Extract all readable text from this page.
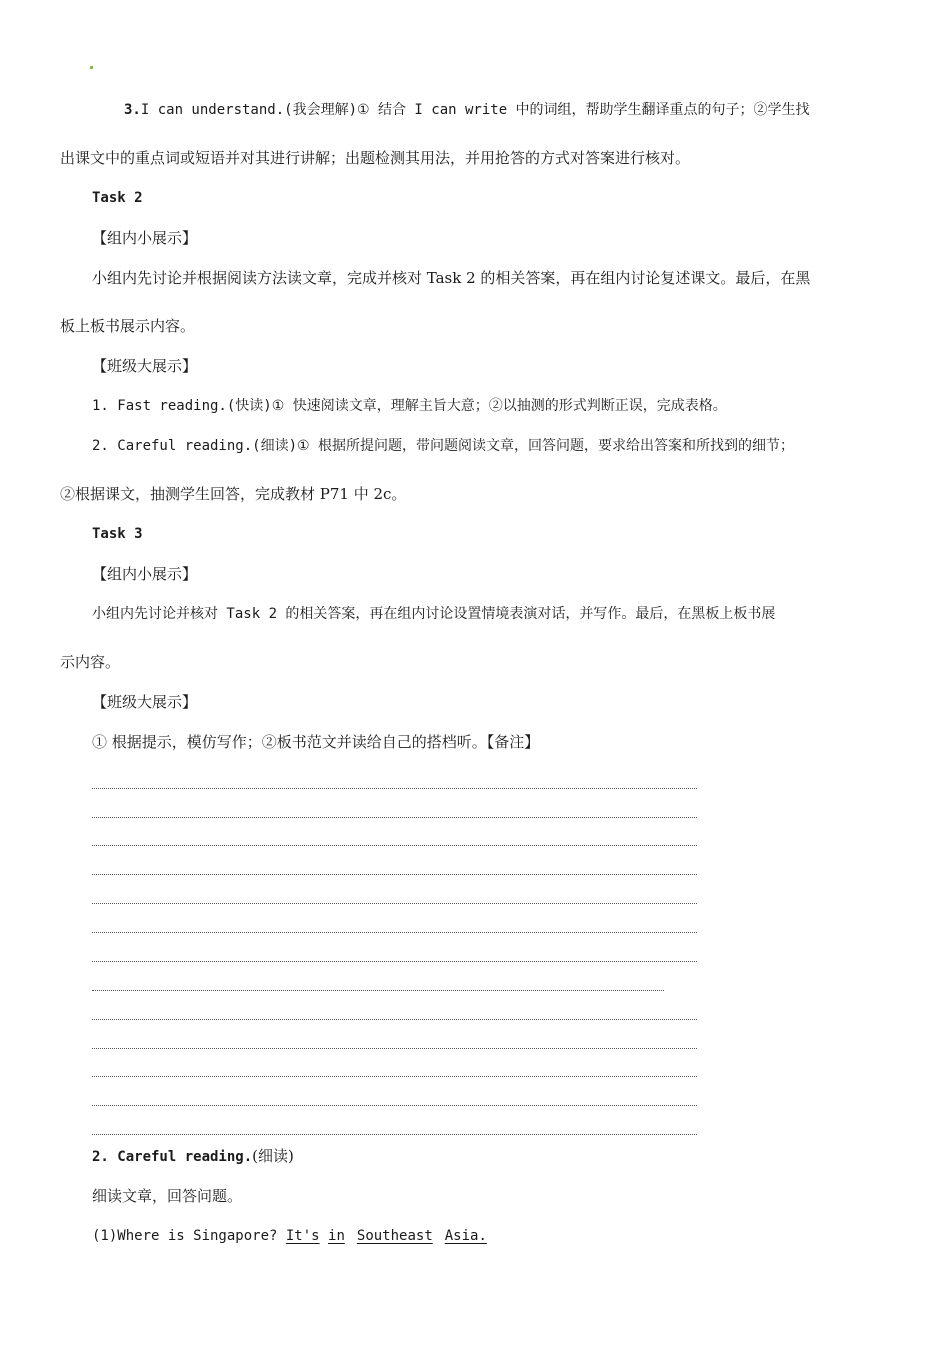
3.I can understand.(我会理解)① 结合 I can write 中的词组，帮助学生翻译重点的句子；②学生找
出课文中的重点词或短语并对其进行讲解；出题检测其用法，并用抢答的方式对答案进行核对。
Task 2
【组内小展示】
小组内先讨论并根据阅读方法读文章，完成并核对 Task 2 的相关答案，再在组内讨论复述课文。最后，在黑
板上板书展示内容。
【班级大展示】
1. Fast reading.(快读)① 快速阅读文章，理解主旨大意；②以抽测的形式判断正误，完成表格。
2. Careful reading.(细读)① 根据所提问题，带问题阅读文章，回答问题，要求给出答案和所找到的细节；
②根据课文，抽测学生回答，完成教材 P71 中 2c。
Task 3
【组内小展示】
小组内先讨论并核对 Task 2 的相关答案，再在组内讨论设置情境表演对话，并写作。最后，在黑板上板书展
示内容。
【班级大展示】
① 根据提示，模仿写作；②板书范文并读给自己的搭档听。【备注】
2. Careful reading.(细读)
细读文章，回答问题。
(1)Where is Singapore? It's in Southeast Asia.
